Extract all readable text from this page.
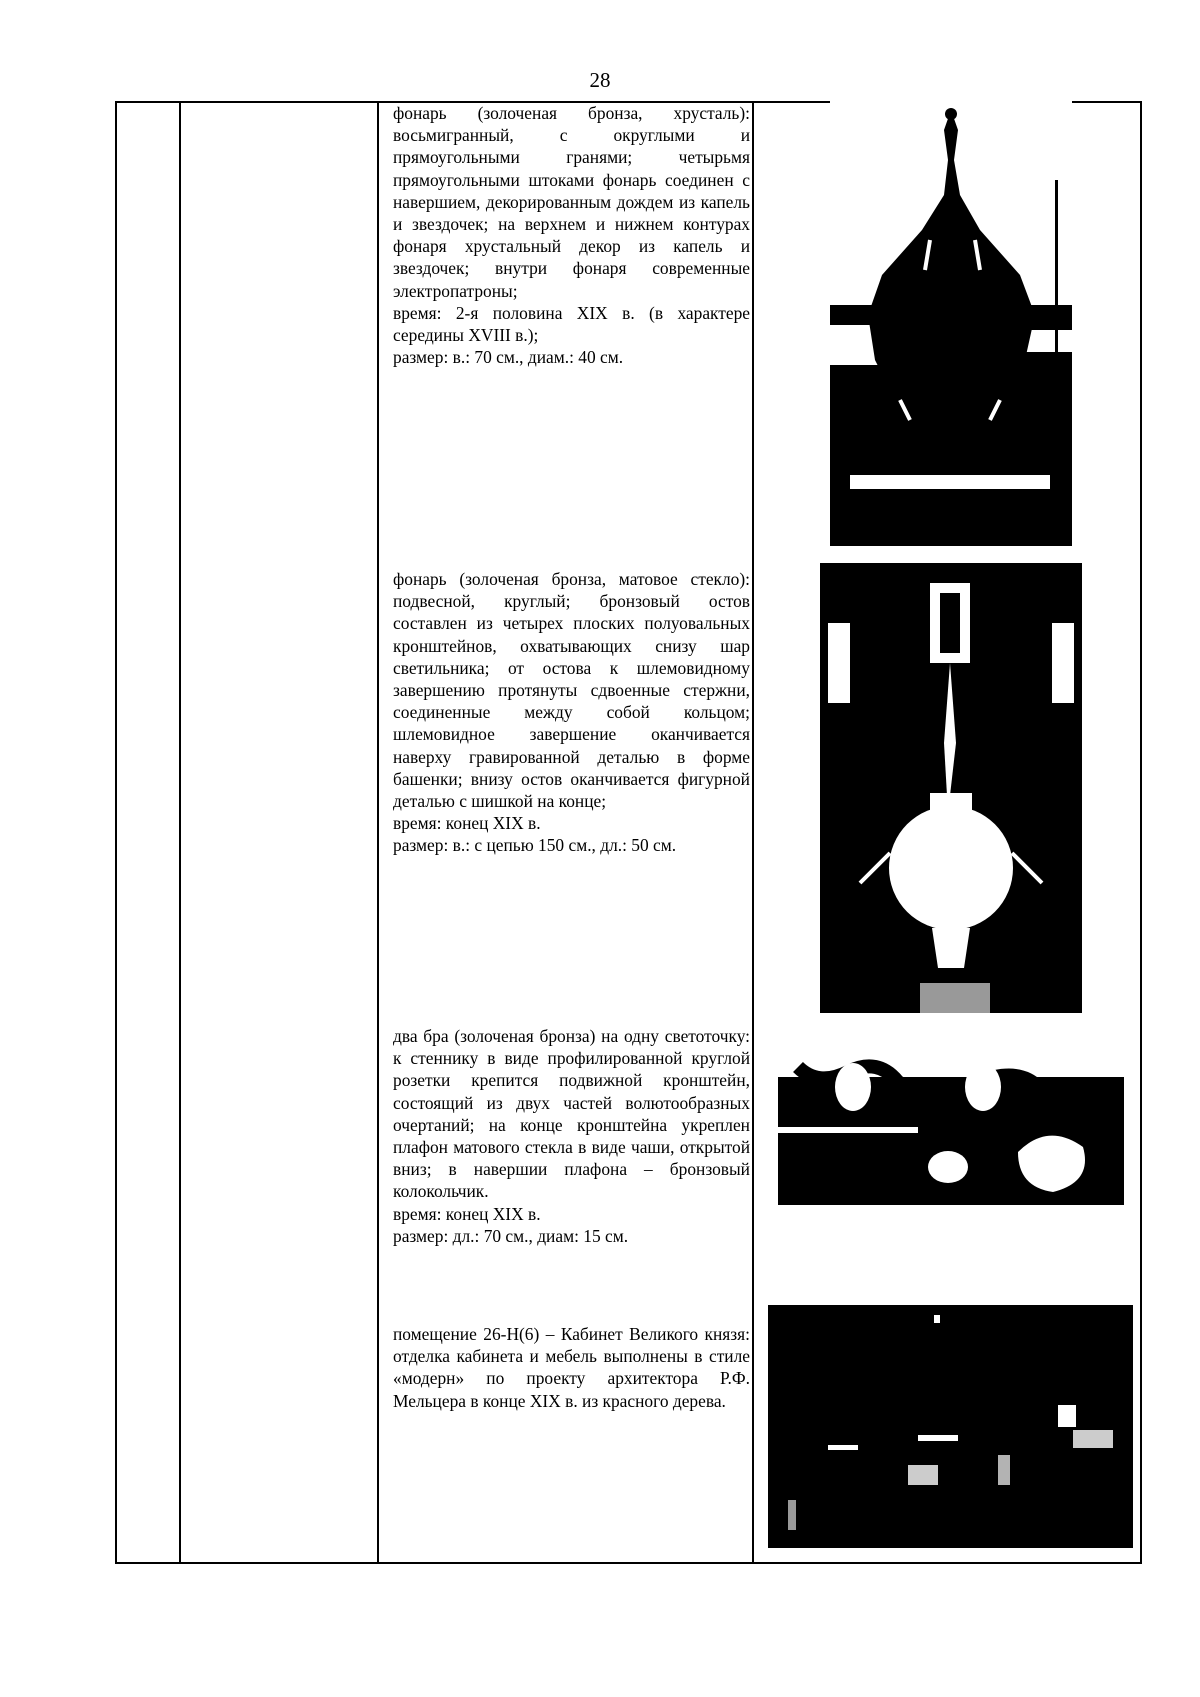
28

фонарь (золоченая бронза, хрусталь): восьмигранный, с округлыми и прямоугольными гранями; четырьмя прямоугольными штоками фонарь соединен с навершием, декорированным дождем из капель и звездочек; на верхнем и нижнем контурах фонаря хрустальный декор из капель и звездочек; внутри фонаря современные электропатроны;

время: 2-я половина XIX в. (в характере середины XVIII в.);

размер: в.: 70 см., диам.: 40 см.

фонарь (золоченая бронза, матовое стекло): подвесной, круглый; бронзовый остов составлен из четырех плоских полуовальных кронштейнов, охватывающих снизу шар светильника; от остова к шлемовидному завершению протянуты сдвоенные стержни, соединенные между собой кольцом; шлемовидное завершение оканчивается наверху гравированной деталью в форме башенки; внизу остов оканчивается фигурной деталью с шишкой на конце;

время: конец XIX в.

размер: в.: с цепью 150 см., дл.: 50 см.

два бра (золоченая бронза) на одну светоточку: к стеннику в виде профилированной круглой розетки крепится подвижной кронштейн, состоящий из двух частей волютообразных очертаний; на конце кронштейна укреплен плафон матового стекла в виде чаши, открытой вниз; в навершии плафона – бронзовый колокольчик.

время: конец XIX в.

размер: дл.: 70 см., диам: 15 см.

помещение 26-Н(6) – Кабинет Великого князя: отделка кабинета и мебель выполнены в стиле «модерн» по проекту архитектора Р.Ф. Мельцера в конце XIX в. из красного дерева.
